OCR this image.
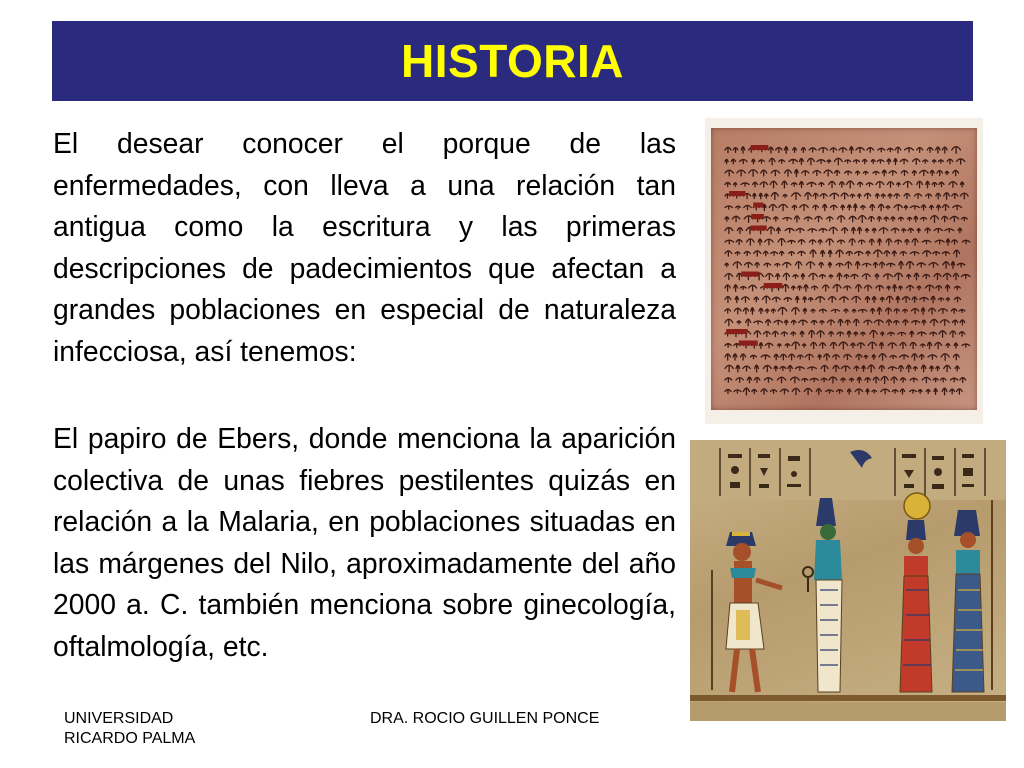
HISTORIA

El desear conocer el porque de las enfermedades, con lleva a una relación tan antigua como la escritura y las primeras descripciones de padecimientos que afectan a grandes poblaciones en especial de naturaleza infecciosa, así tenemos:

El papiro de Ebers, donde menciona la aparición colectiva de unas fiebres pestilentes quizás en relación a la Malaria, en poblaciones situadas en las márgenes del Nilo, aproximadamente del año 2000 a. C. también menciona sobre ginecología, oftalmología, etc.

UNIVERSIDAD
RICARDO PALMA
DRA. ROCIO GUILLEN PONCE
